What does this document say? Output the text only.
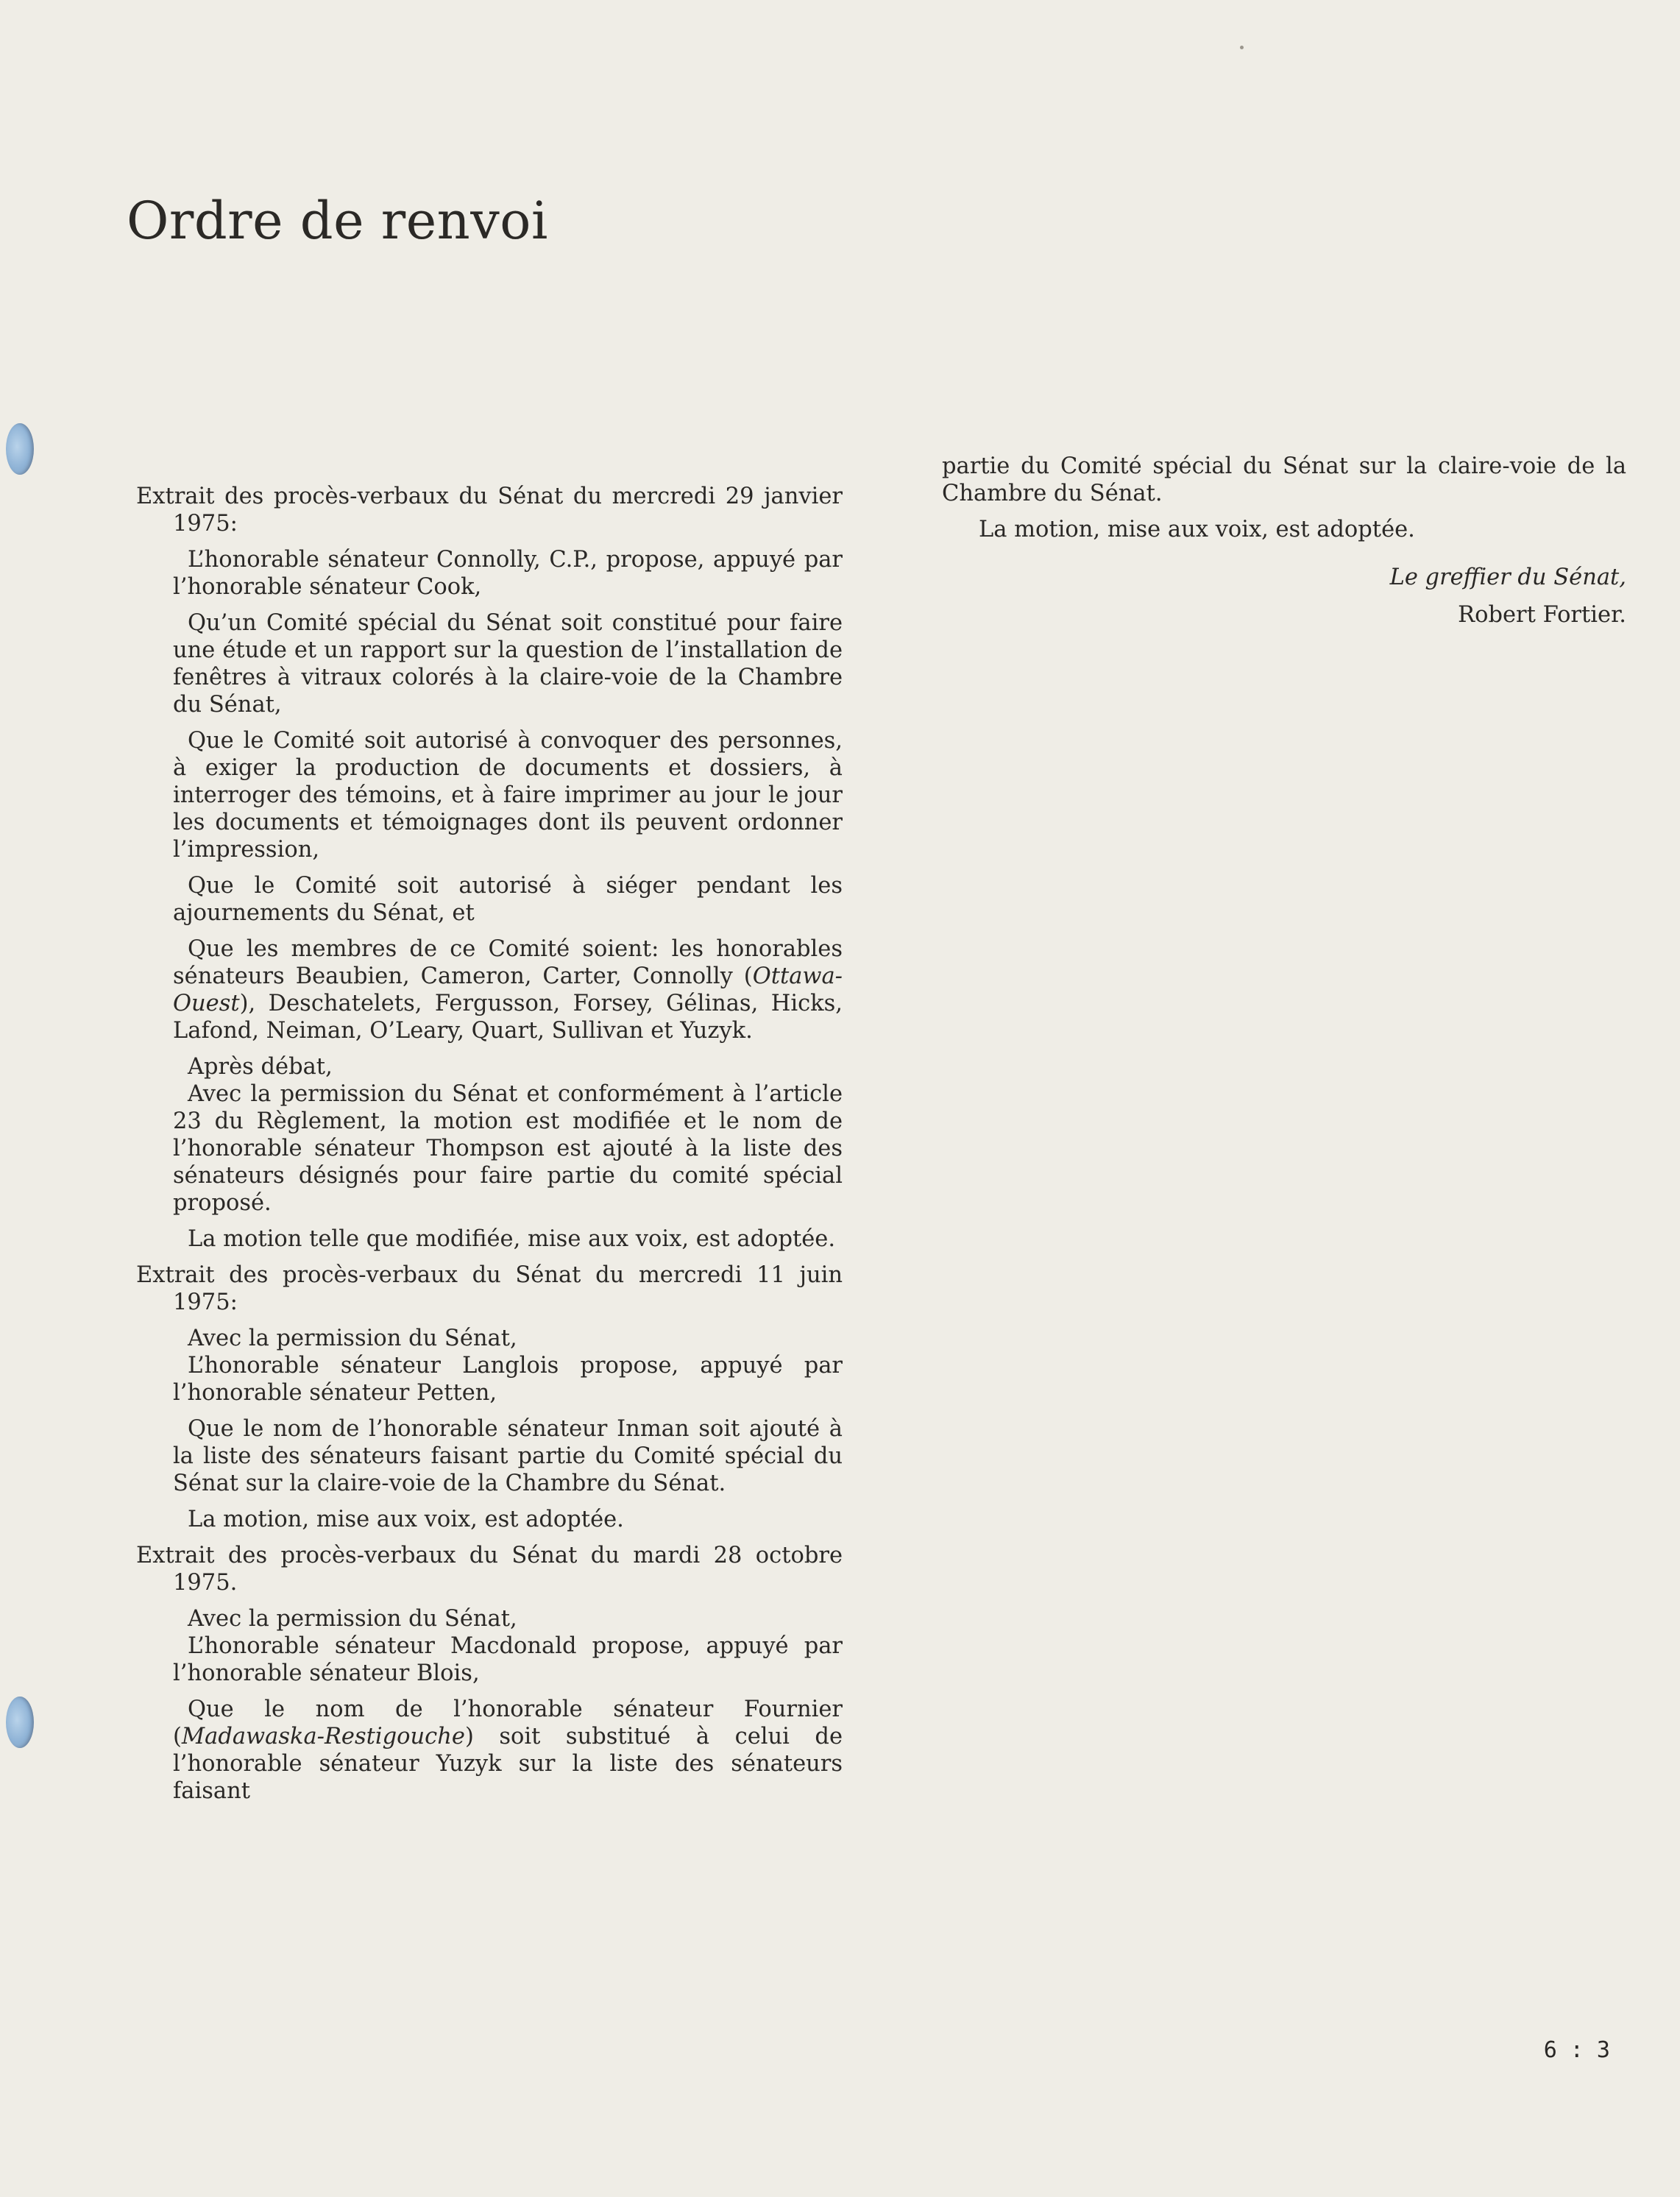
Ordre de renvoi

Extrait des procès-verbaux du Sénat du mercredi 29 janvier 1975:

L’honorable sénateur Connolly, C.P., propose, appuyé par l’honorable sénateur Cook,

Qu’un Comité spécial du Sénat soit constitué pour faire une étude et un rapport sur la question de l’installation de fenêtres à vitraux colorés à la claire-voie de la Chambre du Sénat,

Que le Comité soit autorisé à convoquer des personnes, à exiger la production de documents et dossiers, à interroger des témoins, et à faire imprimer au jour le jour les documents et témoignages dont ils peuvent ordonner l’impression,

Que le Comité soit autorisé à siéger pendant les ajournements du Sénat, et

Que les membres de ce Comité soient: les honorables sénateurs Beaubien, Cameron, Carter, Connolly (Ottawa-Ouest), Deschatelets, Fergusson, Forsey, Gélinas, Hicks, Lafond, Neiman, O’Leary, Quart, Sullivan et Yuzyk.

Après débat,

Avec la permission du Sénat et conformément à l’article 23 du Règlement, la motion est modifiée et le nom de l’honorable sénateur Thompson est ajouté à la liste des sénateurs désignés pour faire partie du comité spécial proposé.

La motion telle que modifiée, mise aux voix, est adoptée.

Extrait des procès-verbaux du Sénat du mercredi 11 juin 1975:

Avec la permission du Sénat,

L’honorable sénateur Langlois propose, appuyé par l’honorable sénateur Petten,

Que le nom de l’honorable sénateur Inman soit ajouté à la liste des sénateurs faisant partie du Comité spécial du Sénat sur la claire-voie de la Chambre du Sénat.

La motion, mise aux voix, est adoptée.

Extrait des procès-verbaux du Sénat du mardi 28 octobre 1975.

Avec la permission du Sénat,

L’honorable sénateur Macdonald propose, appuyé par l’honorable sénateur Blois,

Que le nom de l’honorable sénateur Fournier (Madawaska-Restigouche) soit substitué à celui de l’honorable sénateur Yuzyk sur la liste des sénateurs faisant

partie du Comité spécial du Sénat sur la claire-voie de la Chambre du Sénat.

La motion, mise aux voix, est adoptée.

Le greffier du Sénat,
Robert Fortier.
6 : 3
